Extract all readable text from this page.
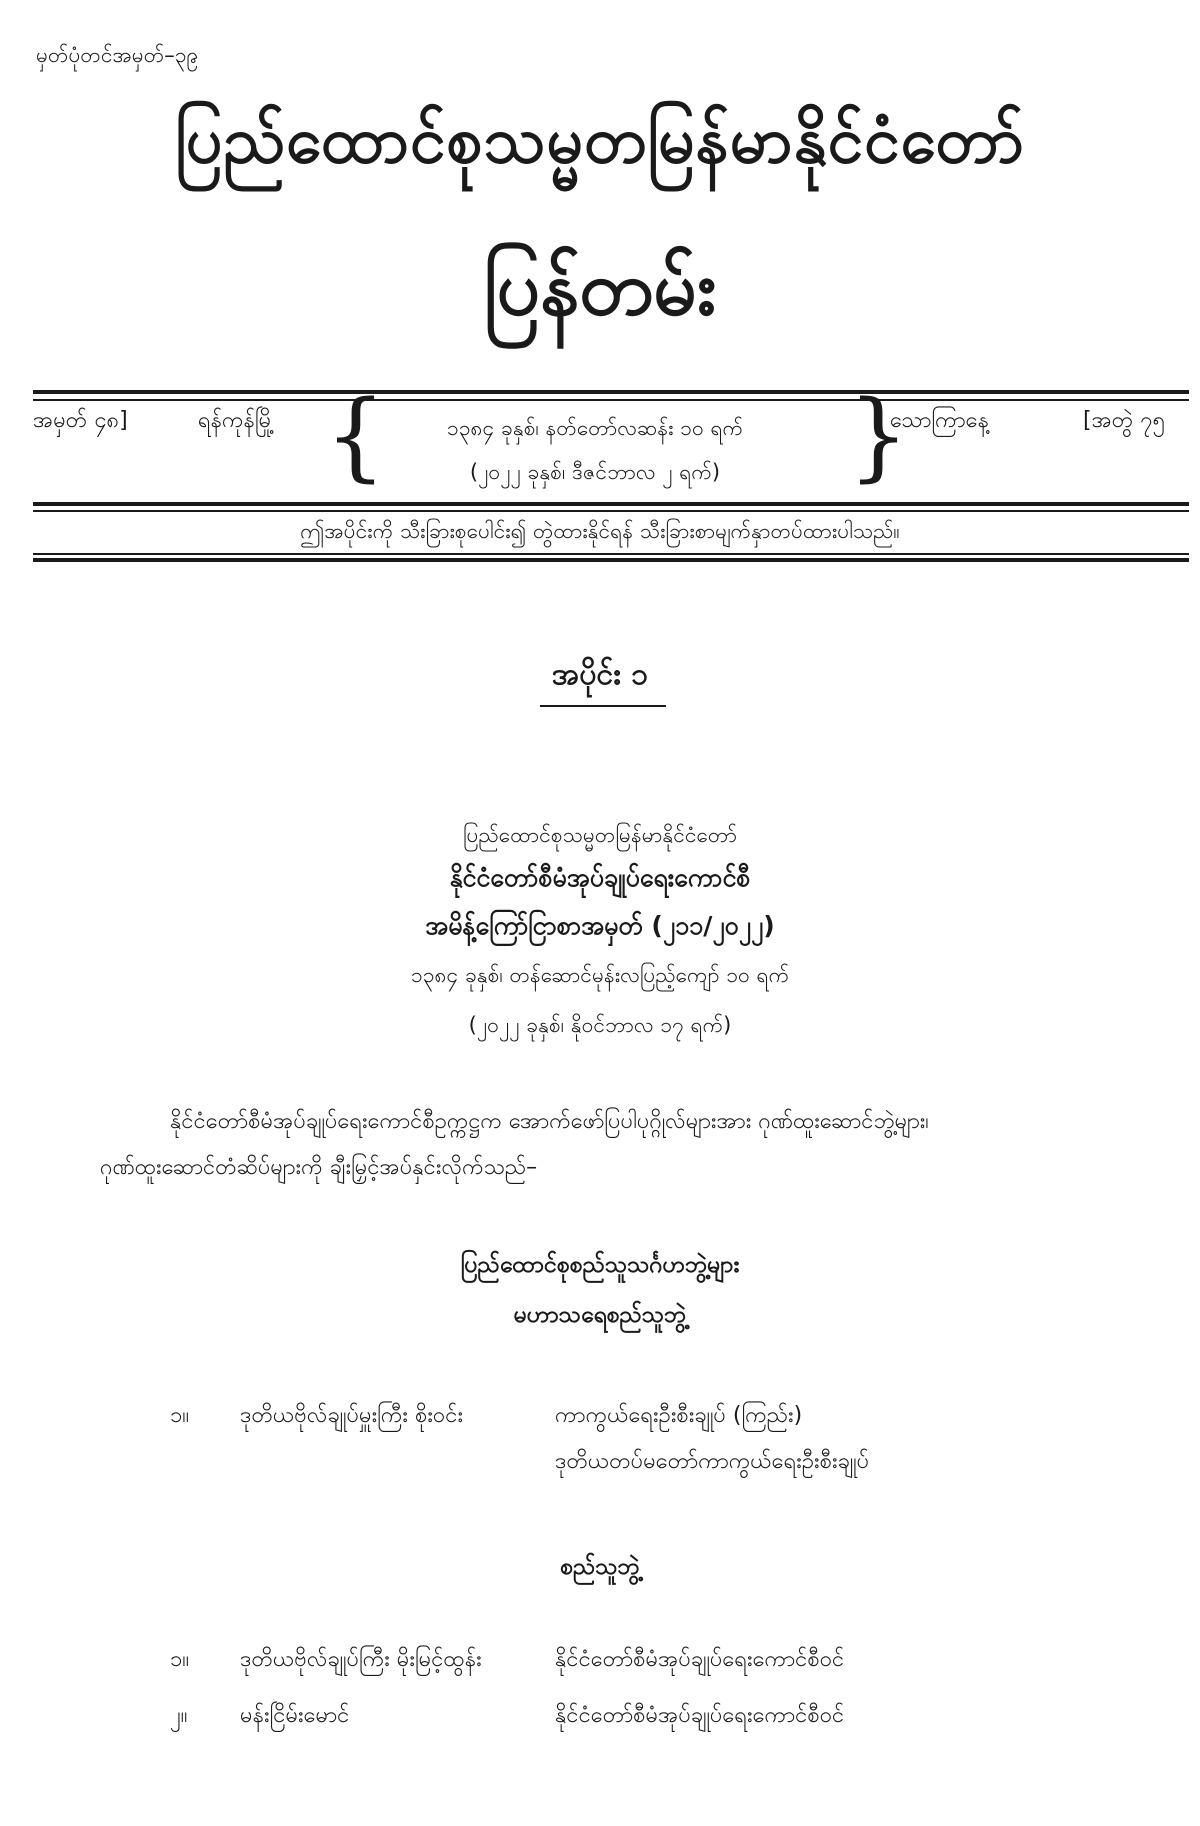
မှတ်ပုံတင်အမှတ်–၃၉
ပြည်ထောင်စုသမ္မတမြန်မာနိုင်ငံတော်
ပြန်တမ်း
အမှတ် ၄၈]	ရန်ကုန်မြို့ {	၁၃၈၄ ခုနှစ်၊ နတ်တော်လဆန်း ၁၀ ရက်
(၂၀၂၂ ခုနှစ်၊ ဒီဇင်ဘာလ ၂ ရက်)	}
သောကြာနေ့	[အတွဲ ၇၅
ဤအပိုင်းကို သီးခြားစုပေါင်း၍ တွဲထားနိုင်ရန် သီးခြားစာမျက်နှာတပ်ထားပါသည်။
အပိုင်း ၁
ပြည်ထောင်စုသမ္မတမြန်မာနိုင်ငံတော်
နိုင်ငံတော်စီမံအုပ်ချုပ်ရေးကောင်စီ
အမိန့်ကြော်ငြာစာအမှတ် (၂၁၁/၂၀၂၂)
၁၃၈၄ ခုနှစ်၊ တန်ဆောင်မုန်းလပြည့်ကျော် ၁၀ ရက်
(၂၀၂၂ ခုနှစ်၊ နိုဝင်ဘာလ ၁၇ ရက်)
နိုင်ငံတော်စီမံအုပ်ချုပ်ရေးကောင်စီဥက္ကဋ္ဌက အောက်ဖော်ပြပါပုဂ္ဂိုလ်များအား ဂုဏ်ထူးဆောင်ဘွဲ့များ၊
ဂုဏ်ထူးဆောင်တံဆိပ်များကို ချီးမြှင့်အပ်နှင်းလိုက်သည်–
ပြည်ထောင်စုစည်သူသင်္ဂဟဘွဲ့များ
မဟာသရေစည်သူဘွဲ့
၁။ ဒုတိယဗိုလ်ချုပ်မှူးကြီး စိုးဝင်း	ကာကွယ်ရေးဦးစီးချုပ် (ကြည်း)
ဒုတိယတပ်မတော်ကာကွယ်ရေးဦးစီးချုပ်
စည်သူဘွဲ့
၁။ ဒုတိယဗိုလ်ချုပ်ကြီး မိုးမြင့်ထွန်း	နိုင်ငံတော်စီမံအုပ်ချုပ်ရေးကောင်စီဝင်
၂။ မန်းငြိမ်းမောင်	နိုင်ငံတော်စီမံအုပ်ချုပ်ရေးကောင်စီဝင်
